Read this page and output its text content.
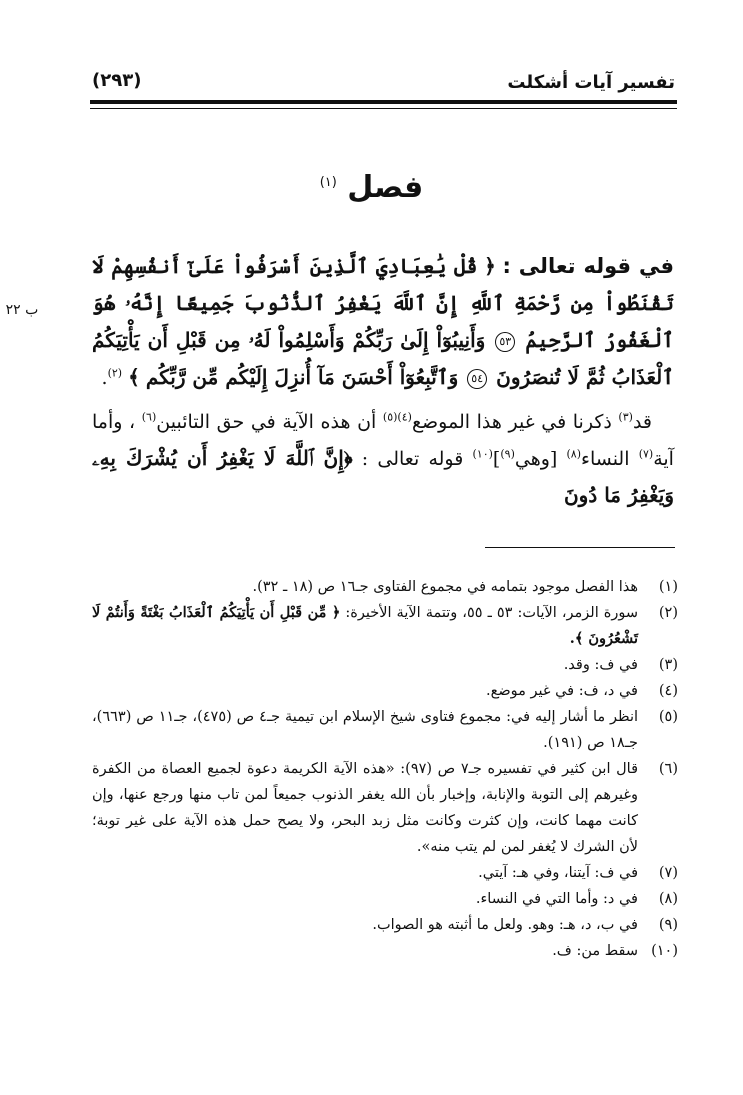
تفسير آيات أشكلت
(٢٩٣)
فصل $^{(١)}$
ب ٢٢
في قوله تعالى : ﴿ قُلْ يَٰعِبَادِيَ ٱلَّذِينَ أَسْرَفُواْ عَلَىٰٓ أَنفُسِهِمْ لَا تَقْنَطُواْ مِن رَّحْمَةِ ٱللَّهِ إِنَّ ٱللَّهَ يَغْفِرُ ٱلذُّنُوبَ جَمِيعًا إِنَّهُۥ هُوَ ٱلْغَفُورُ ٱلرَّحِيمُ ٥٣ وَأَنِيبُوٓاْ إِلَىٰ رَبِّكُمْ وَأَسْلِمُواْ لَهُۥ مِن قَبْلِ أَن يَأْتِيَكُمُ ٱلْعَذَابُ ثُمَّ لَا تُنصَرُونَ ٥٤ وَٱتَّبِعُوٓاْ أَحْسَنَ مَآ أُنزِلَ إِلَيْكُم مِّن رَّبِّكُم ﴾ $^{(٢)}$.
قد$^{(٣)}$ ذكرنا في غير هذا الموضع$^{(٤)(٥)}$ أن هذه الآية في حق التائبين$^{(٦)}$ ، وأما آية$^{(٧)}$ النساء$^{(٨)}$ [وهي$^{(٩)}$]$^{(١٠)}$ قوله تعالى : ﴿إِنَّ ٱللَّهَ لَا يَغْفِرُ أَن يُشْرَكَ بِهِۦ وَيَغْفِرُ مَا دُونَ
(١)
هذا الفصل موجود بتمامه في مجموع الفتاوى جـ١٦ ص (١٨ ـ ٣٢).
(٢)
سورة الزمر، الآيات: ٥٣ ـ ٥٥، وتتمة الآية الأخيرة: ﴿ مِّن قَبْلِ أَن يَأْتِيَكُمُ ٱلْعَذَابُ بَغْتَةً وَأَنتُمْ لَا تَشْعُرُونَ ﴾.
(٣)
في ف: وقد.
(٤)
في د، ف: في غير موضع.
(٥)
انظر ما أشار إليه في: مجموع فتاوى شيخ الإسلام ابن تيمية جـ٤ ص (٤٧٥)، جـ١١ ص (٦٦٣)، جـ١٨ ص (١٩١).
(٦)
قال ابن كثير في تفسيره جـ٧ ص (٩٧): «هذه الآية الكريمة دعوة لجميع العصاة من الكفرة وغيرهم إلى التوبة والإنابة، وإخبار بأن الله يغفر الذنوب جميعاً لمن تاب منها ورجع عنها، وإن كانت مهما كانت، وإن كثرت وكانت مثل زبد البحر، ولا يصح حمل هذه الآية على غير توبة؛ لأن الشرك لا يُغفر لمن لم يتب منه».
(٧)
في ف: آيتنا، وفي هـ: آيتي.
(٨)
في د: وأما التي في النساء.
(٩)
في ب، د، هـ: وهو. ولعل ما أثبته هو الصواب.
(١٠)
سقط من: ف.
